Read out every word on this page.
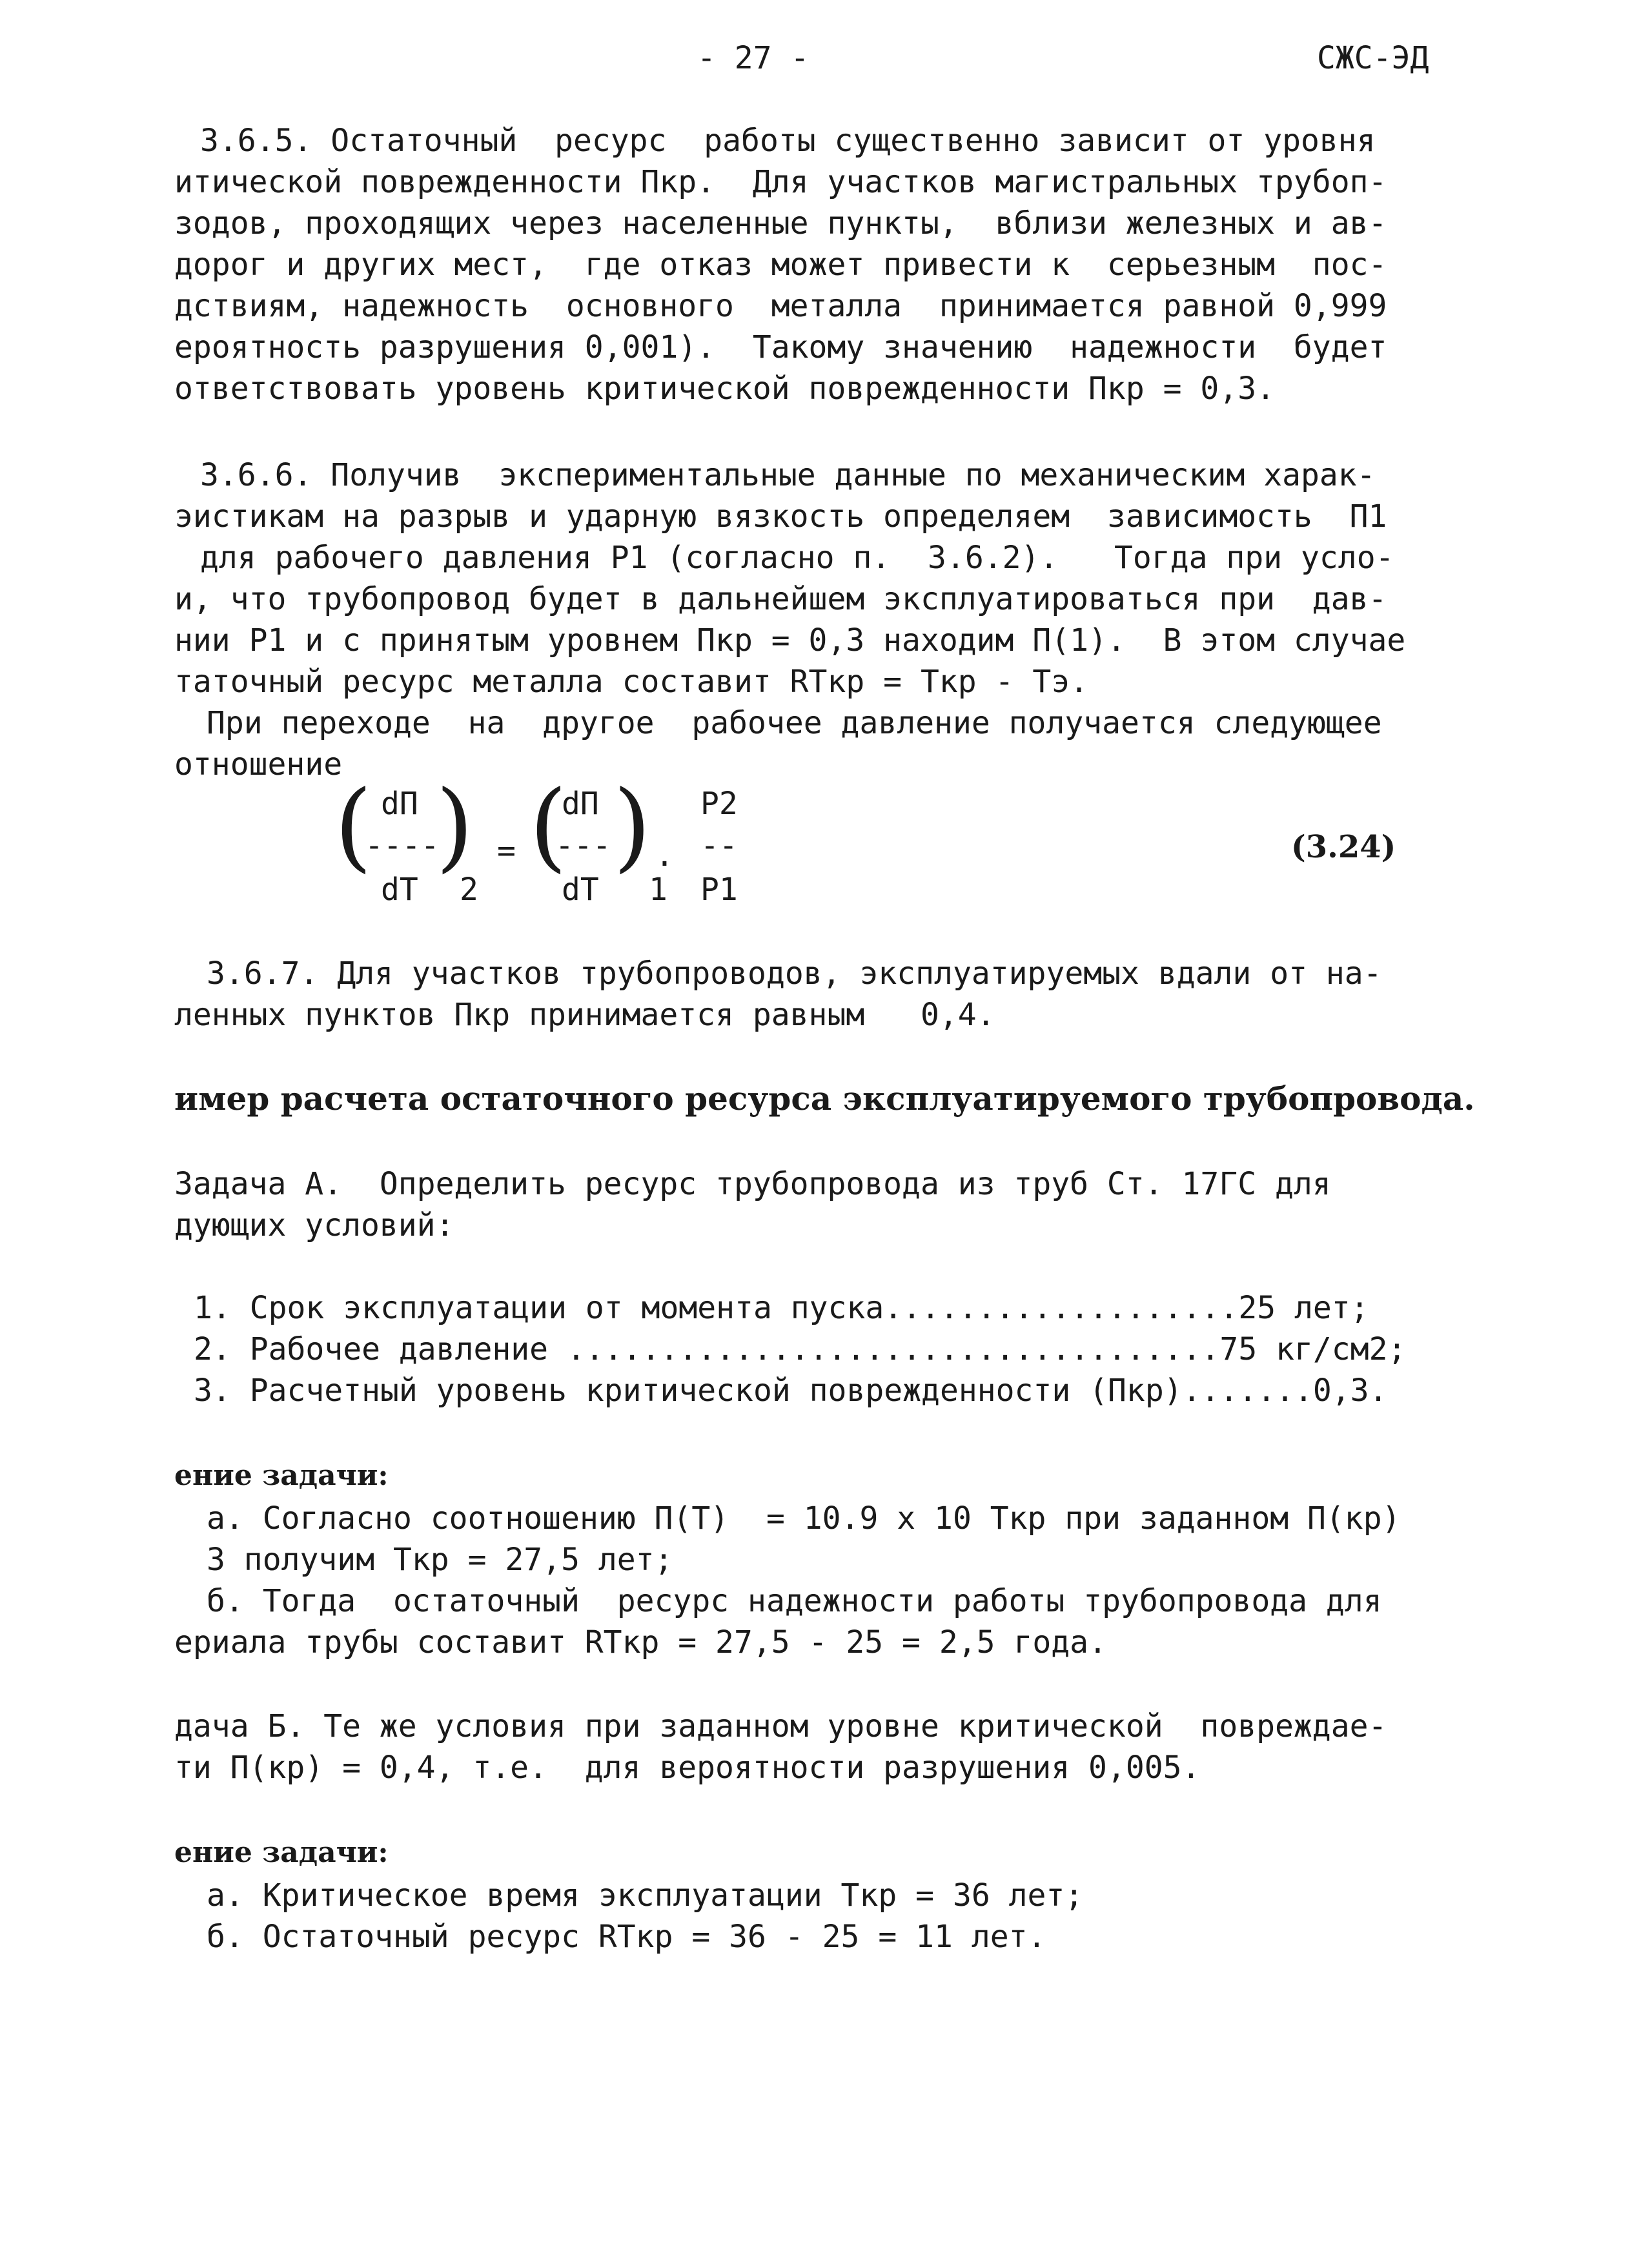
- 27 -	СЖС-ЭД
3.6.5. Остаточный  ресурс  работы существенно зависит от уровня
итической поврежденности Пкр.  Для участков магистральных трубоп-
зодов, проходящих через населенные пункты,  вблизи железных и ав-
дорог и других мест,  где отказ может привести к  серьезным  пос-
дствиям, надежность  основного  металла  принимается равной 0,999
ероятность разрушения 0,001).  Такому значению  надежности  будет
ответствовать уровень критической поврежденности Пкр = 0,3.
3.6.6. Получив  экспериментальные данные по механическим харак-
эистикам на разрыв и ударную вязкость определяем  зависимость  П1
для рабочего давления Р1 (согласно п.  3.6.2).   Тогда при усло-
и, что трубопровод будет в дальнейшем эксплуатироваться при  дав-
нии Р1 и с принятым уровнем Пкр = 0,3 находим П(1).  В этом случае
таточный ресурс металла составит RТкр = Ткр - Тэ.
При переходе  на  другое  рабочее давление получается следующее
отношение
( dП
----
dТ
)
2
= (
dП
---
dТ
)
1
.
P2
--
P1
(3.24)
3.6.7. Для участков трубопроводов, эксплуатируемых вдали от на-
ленных пунктов Пкр принимается равным   0,4.
имер расчета остаточного ресурса эксплуатируемого трубопровода.
Задача А.  Определить ресурс трубопровода из труб Ст. 17ГС для
дующих условий:
1. Срок эксплуатации от момента пуска...................25 лет;
2. Рабочее давление ...................................75 кг/см2;
3. Расчетный уровень критической поврежденности (Пкр).......0,3.
ение задачи:
а. Согласно соотношению П(Т)  = 10.9 х 10 Ткр при заданном П(кр)
3 получим Ткр = 27,5 лет;
б. Тогда  остаточный  ресурс надежности работы трубопровода для
ериала трубы составит RТкр = 27,5 - 25 = 2,5 года.
дача Б. Те же условия при заданном уровне критической  повреждае-
ти П(кр) = 0,4, т.е.  для вероятности разрушения 0,005.
ение задачи:
а. Критическое время эксплуатации Ткр = 36 лет;
б. Остаточный ресурс RТкр = 36 - 25 = 11 лет.
